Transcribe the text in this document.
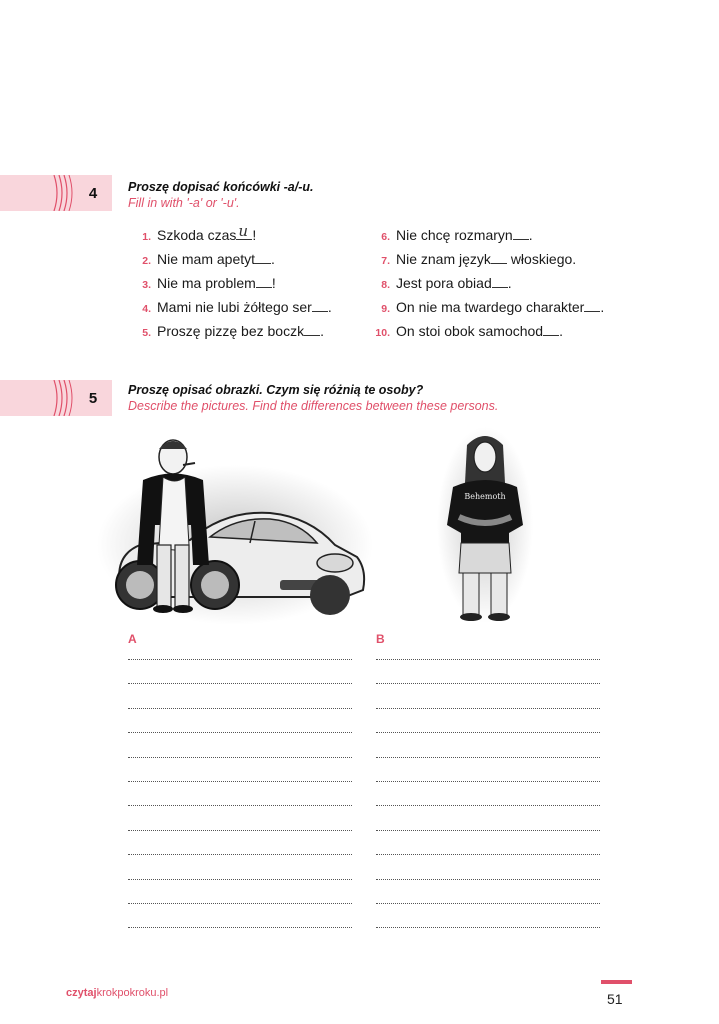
4	Proszę dopisać końcówki -a/-u.
Fill in with '-a' or '-u'.
1. Szkoda czas u !
2. Nie mam apetyt .
3. Nie ma problem !
4. Mami nie lubi żółtego ser .
5. Proszę pizzę bez boczk .
6. Nie chcę rozmaryn .
7. Nie znam język włoskiego.
8. Jest pora obiad .
9. On nie ma twardego charakter .
10. On stoi obok samochod .
5	Proszę opisać obrazki. Czym się różnią te osoby?
Describe the pictures. Find the differences between these persons.
Behemoth
A	B
czytajkrokpokroku.pl	51
